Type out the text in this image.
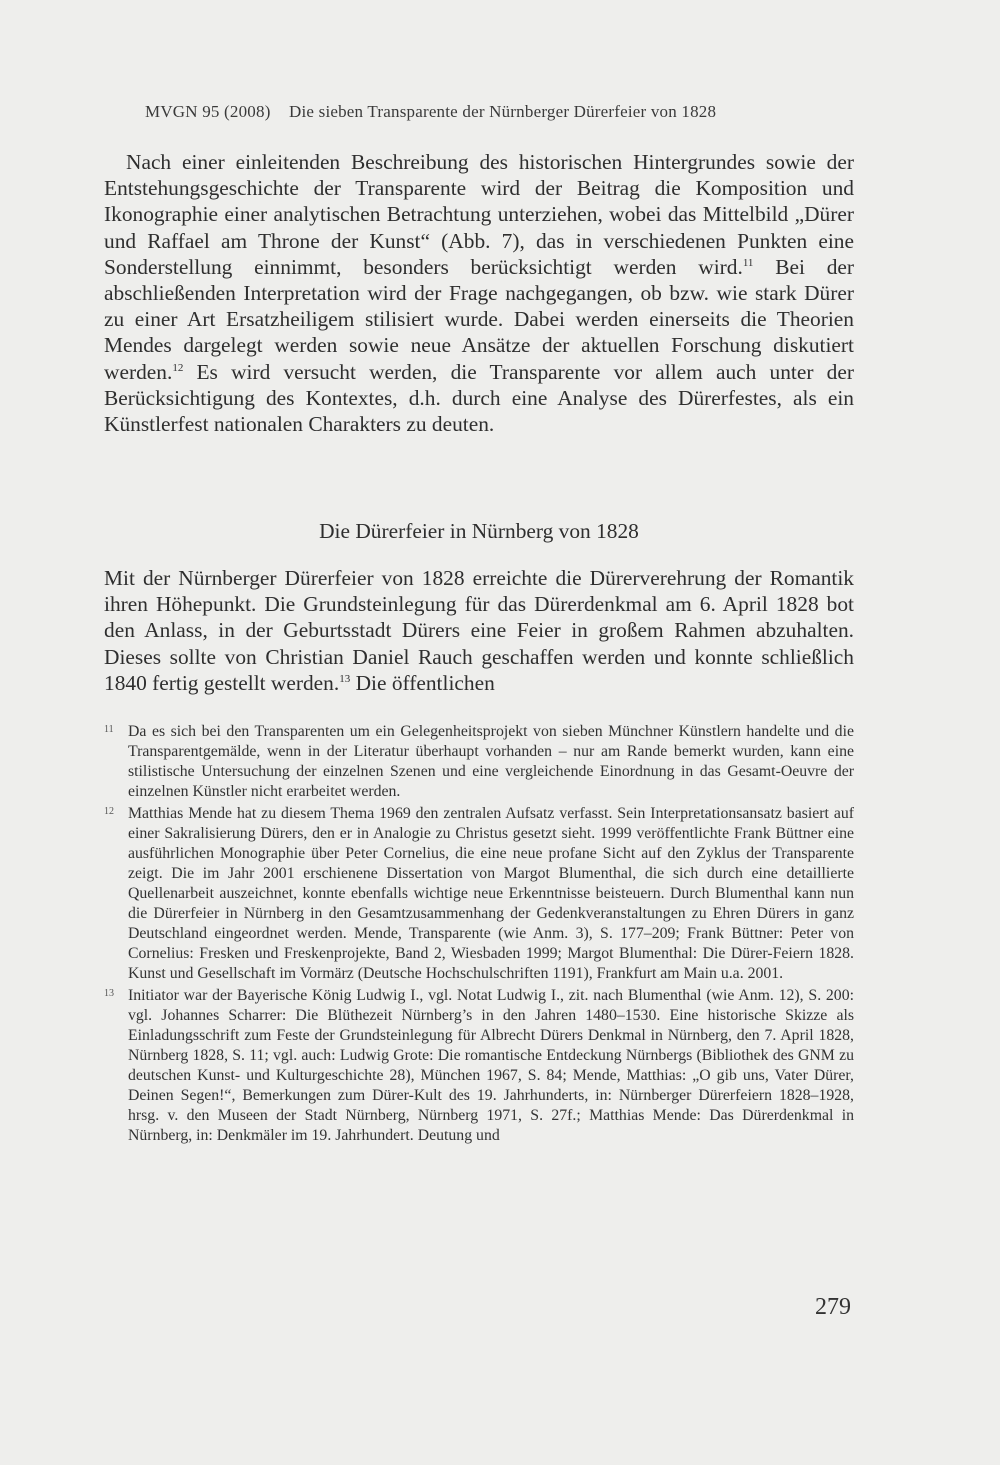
MVGN 95 (2008) Die sieben Transparente der Nürnberger Dürerfeier von 1828

Nach einer einleitenden Beschreibung des historischen Hintergrundes sowie der Entstehungsgeschichte der Transparente wird der Beitrag die Komposition und Ikonographie einer analytischen Betrachtung unterziehen, wobei das Mittelbild „Dürer und Raffael am Throne der Kunst“ (Abb. 7), das in verschiedenen Punkten eine Sonderstellung einnimmt, besonders berücksichtigt werden wird.$^{11}$ Bei der abschließenden Interpretation wird der Frage nachgegangen, ob bzw. wie stark Dürer zu einer Art Ersatzheiligem stilisiert wurde. Dabei werden einerseits die Theorien Mendes dargelegt werden sowie neue Ansätze der aktuellen Forschung diskutiert werden.$^{12}$ Es wird versucht werden, die Transparente vor allem auch unter der Berücksichtigung des Kontextes, d.h. durch eine Analyse des Dürerfestes, als ein Künstlerfest nationalen Charakters zu deuten.

Die Dürerfeier in Nürnberg von 1828

Mit der Nürnberger Dürerfeier von 1828 erreichte die Dürerverehrung der Romantik ihren Höhepunkt. Die Grundsteinlegung für das Dürerdenkmal am 6. April 1828 bot den Anlass, in der Geburtsstadt Dürers eine Feier in großem Rahmen abzuhalten. Dieses sollte von Christian Daniel Rauch geschaffen werden und konnte schließlich 1840 fertig gestellt werden.$^{13}$ Die öffentlichen

11 Da es sich bei den Transparenten um ein Gelegenheitsprojekt von sieben Münchner Künstlern handelte und die Transparentgemälde, wenn in der Literatur überhaupt vorhanden – nur am Rande bemerkt wurden, kann eine stilistische Untersuchung der einzelnen Szenen und eine vergleichende Einordnung in das Gesamt-Oeuvre der einzelnen Künstler nicht erarbeitet werden.
12 Matthias Mende hat zu diesem Thema 1969 den zentralen Aufsatz verfasst. Sein Interpretationsansatz basiert auf einer Sakralisierung Dürers, den er in Analogie zu Christus gesetzt sieht. 1999 veröffentlichte Frank Büttner eine ausführlichen Monographie über Peter Cornelius, die eine neue profane Sicht auf den Zyklus der Transparente zeigt. Die im Jahr 2001 erschienene Dissertation von Margot Blumenthal, die sich durch eine detaillierte Quellenarbeit auszeichnet, konnte ebenfalls wichtige neue Erkenntnisse beisteuern. Durch Blumenthal kann nun die Dürerfeier in Nürnberg in den Gesamtzusammenhang der Gedenkveranstaltungen zu Ehren Dürers in ganz Deutschland eingeordnet werden. Mende, Transparente (wie Anm. 3), S. 177–209; Frank Büttner: Peter von Cornelius: Fresken und Freskenprojekte, Band 2, Wiesbaden 1999; Margot Blumenthal: Die Dürer-Feiern 1828. Kunst und Gesellschaft im Vormärz (Deutsche Hochschulschriften 1191), Frankfurt am Main u.a. 2001.
13 Initiator war der Bayerische König Ludwig I., vgl. Notat Ludwig I., zit. nach Blumenthal (wie Anm. 12), S. 200: vgl. Johannes Scharrer: Die Blüthezeit Nürnberg’s in den Jahren 1480–1530. Eine historische Skizze als Einladungsschrift zum Feste der Grundsteinlegung für Albrecht Dürers Denkmal in Nürnberg, den 7. April 1828, Nürnberg 1828, S. 11; vgl. auch: Ludwig Grote: Die romantische Entdeckung Nürnbergs (Bibliothek des GNM zu deutschen Kunst- und Kulturgeschichte 28), München 1967, S. 84; Mende, Matthias: „O gib uns, Vater Dürer, Deinen Segen!“, Bemerkungen zum Dürer-Kult des 19. Jahrhunderts, in: Nürnberger Dürerfeiern 1828–1928, hrsg. v. den Museen der Stadt Nürnberg, Nürnberg 1971, S. 27f.; Matthias Mende: Das Dürerdenkmal in Nürnberg, in: Denkmäler im 19. Jahrhundert. Deutung und
279
